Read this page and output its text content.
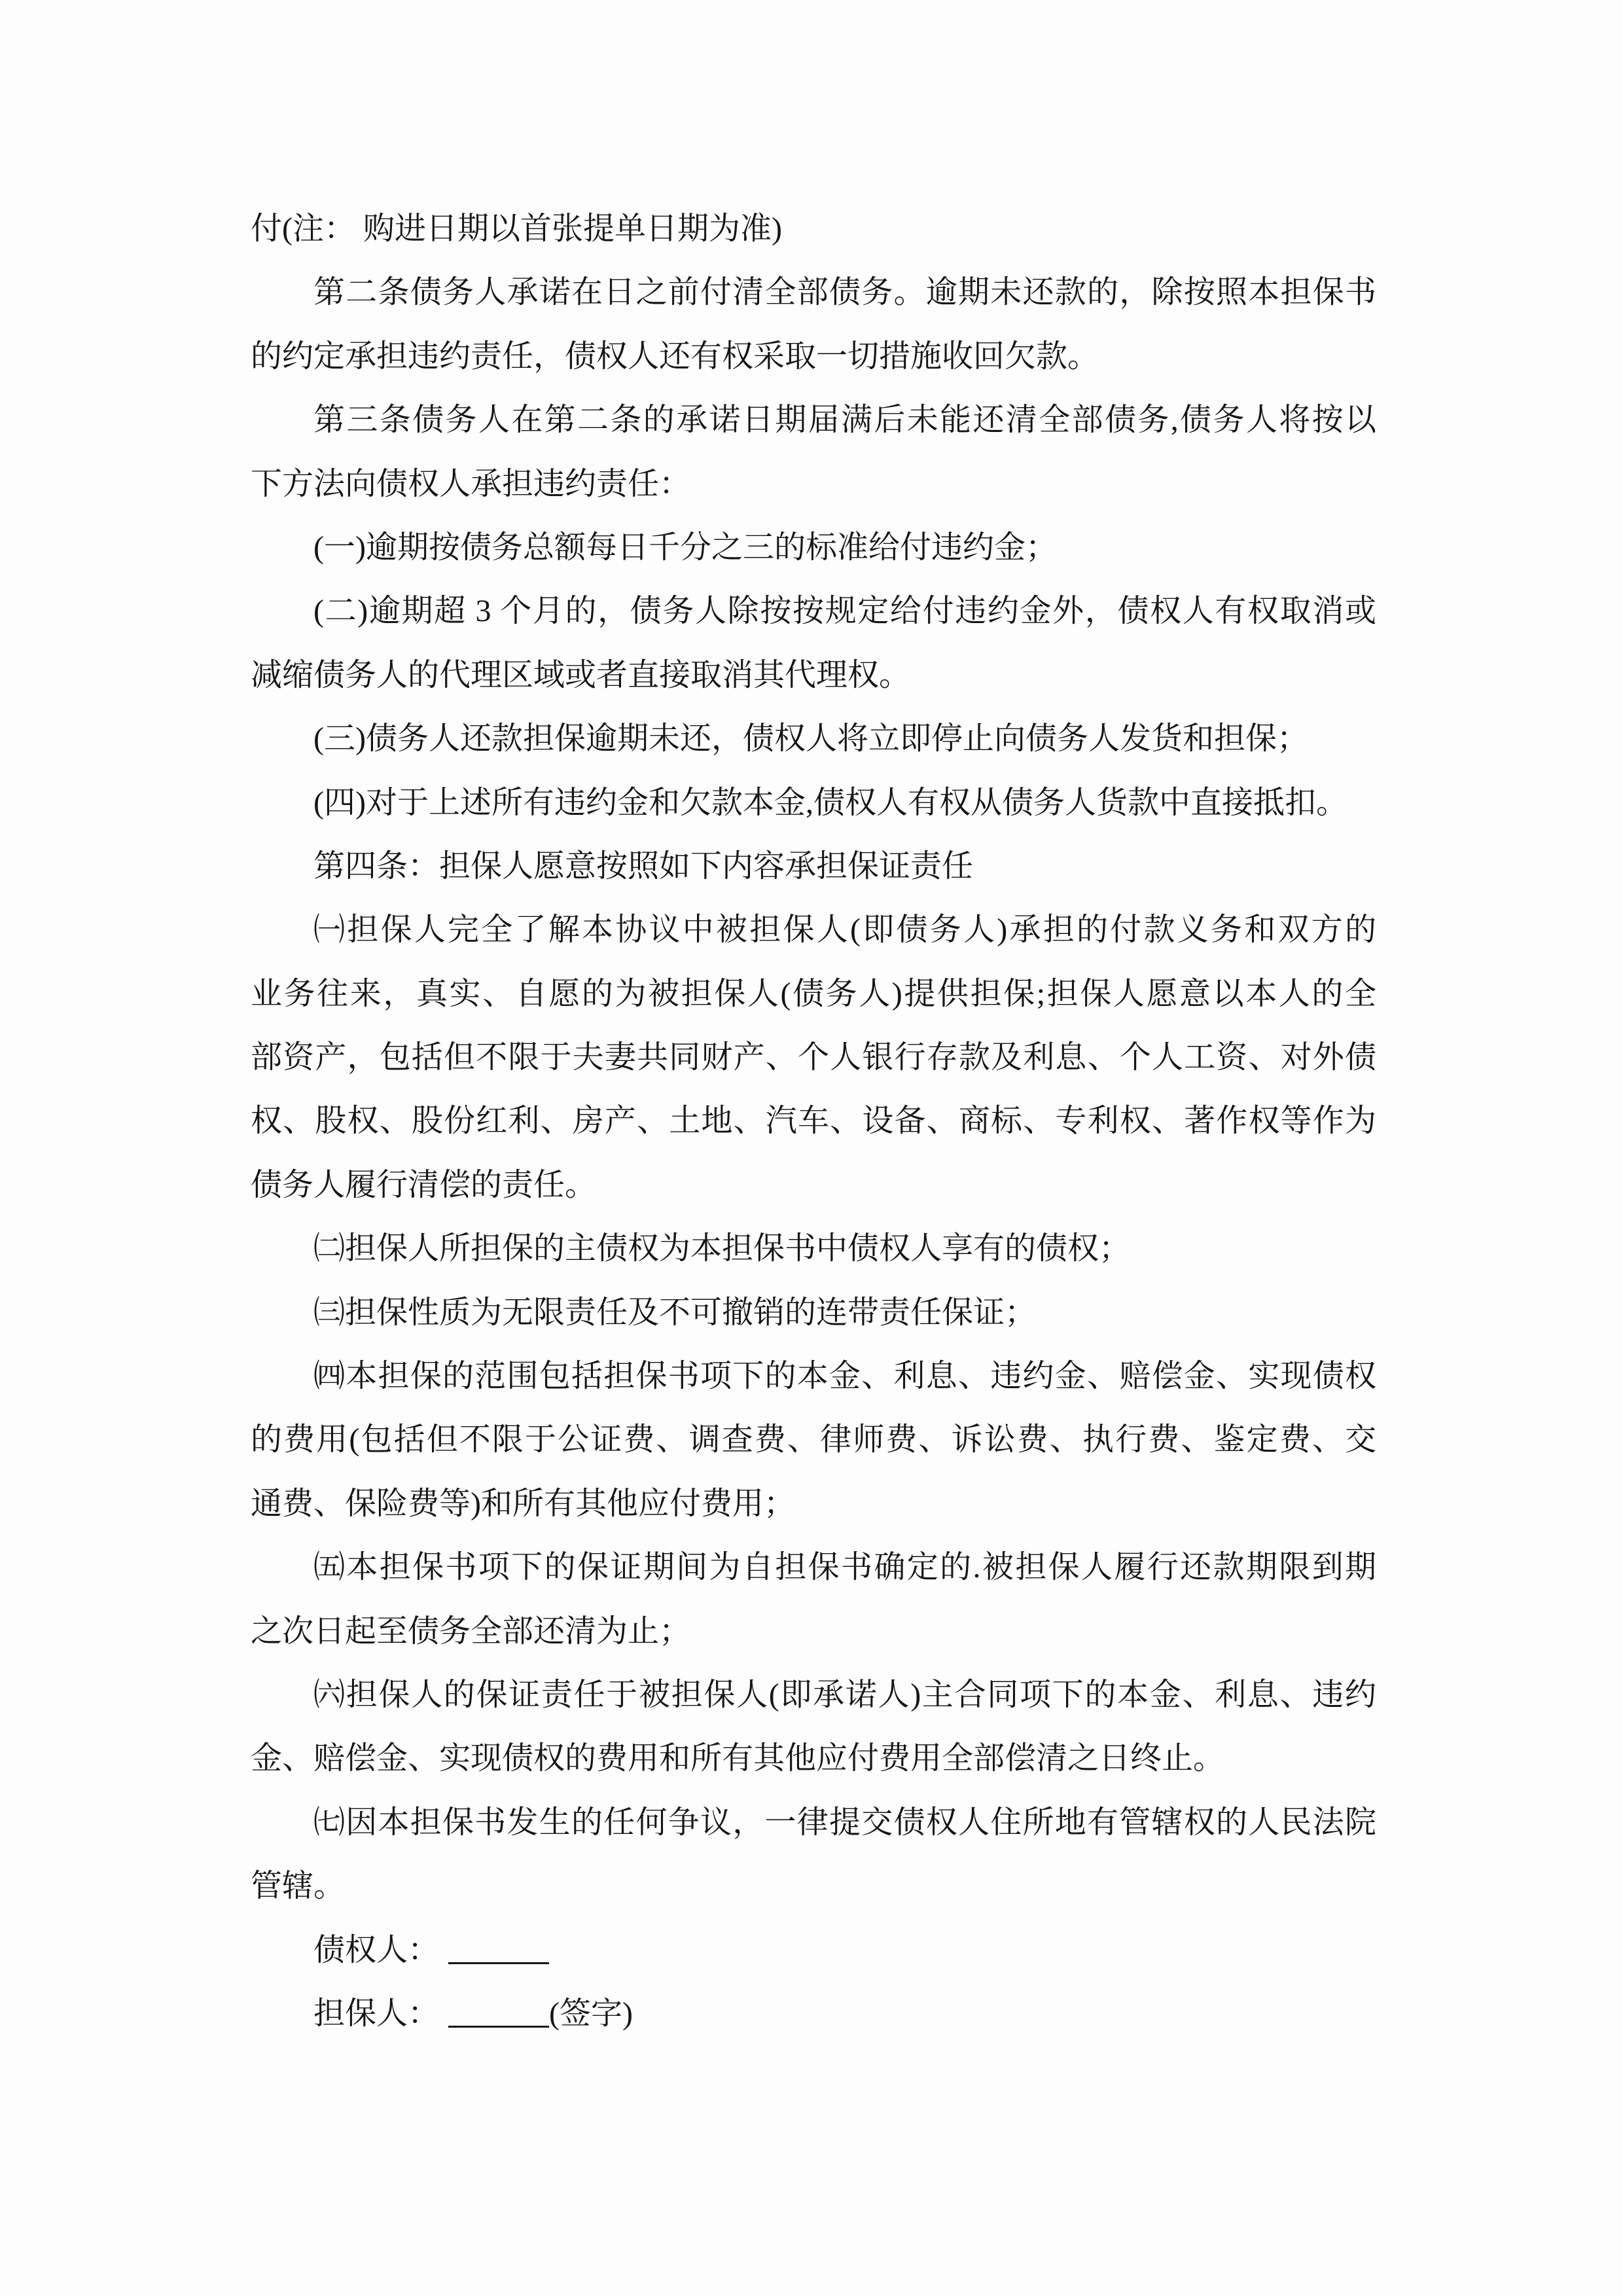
付(注： 购进日期以首张提单日期为准)
第二条债务人承诺在日之前付清全部债务。逾期未还款的，除按照本担保书
的约定承担违约责任，债权人还有权采取一切措施收回欠款。
第三条债务人在第二条的承诺日期届满后未能还清全部债务,债务人将按以
下方法向债权人承担违约责任：
(一)逾期按债务总额每日千分之三的标准给付违约金；
(二)逾期超 3 个月的，债务人除按按规定给付违约金外，债权人有权取消或
减缩债务人的代理区域或者直接取消其代理权。
(三)债务人还款担保逾期未还，债权人将立即停止向债务人发货和担保；
(四)对于上述所有违约金和欠款本金,债权人有权从债务人货款中直接抵扣。
第四条：担保人愿意按照如下内容承担保证责任
㈠担保人完全了解本协议中被担保人(即债务人)承担的付款义务和双方的
业务往来，真实、自愿的为被担保人(债务人)提供担保;担保人愿意以本人的全
部资产，包括但不限于夫妻共同财产、个人银行存款及利息、个人工资、对外债
权、股权、股份红利、房产、土地、汽车、设备、商标、专利权、著作权等作为
债务人履行清偿的责任。
㈡担保人所担保的主债权为本担保书中债权人享有的债权；
㈢担保性质为无限责任及不可撤销的连带责任保证；
㈣本担保的范围包括担保书项下的本金、利息、违约金、赔偿金、实现债权
的费用(包括但不限于公证费、调查费、律师费、诉讼费、执行费、鉴定费、交
通费、保险费等)和所有其他应付费用；
㈤本担保书项下的保证期间为自担保书确定的.被担保人履行还款期限到期
之次日起至债务全部还清为止；
㈥担保人的保证责任于被担保人(即承诺人)主合同项下的本金、利息、违约
金、赔偿金、实现债权的费用和所有其他应付费用全部偿清之日终止。
㈦因本担保书发生的任何争议，一律提交债权人住所地有管辖权的人民法院
管辖。
债权人：
担保人：	(签字)
